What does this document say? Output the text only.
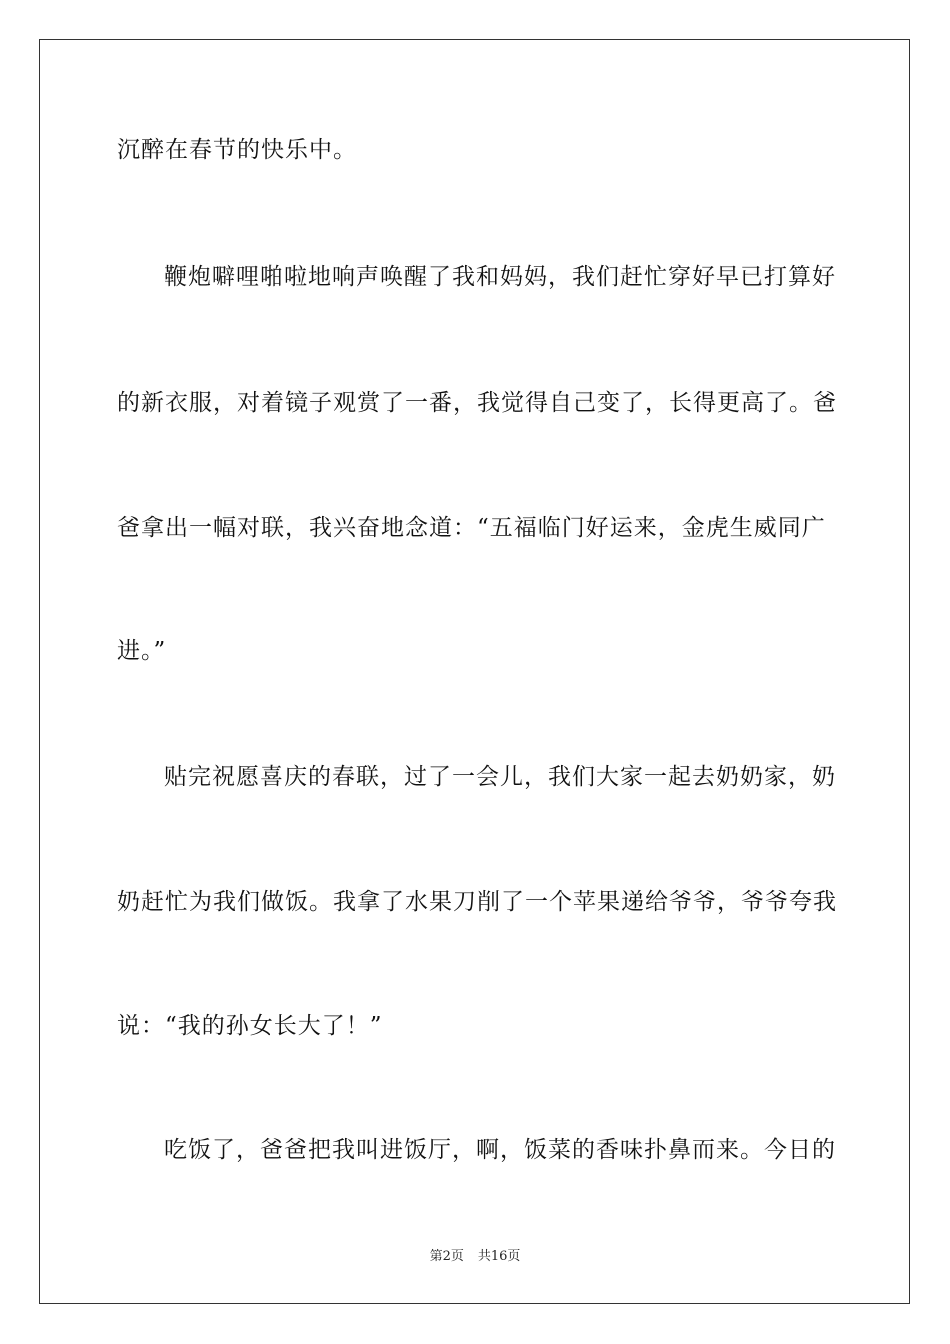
沉醉在春节的快乐中。
鞭炮噼哩啪啦地响声唤醒了我和妈妈，我们赶忙穿好早已打算好
的新衣服，对着镜子观赏了一番，我觉得自己变了，长得更高了。爸
爸拿出一幅对联，我兴奋地念道：“五福临门好运来，金虎生威同广
进。”
贴完祝愿喜庆的春联，过了一会儿，我们大家一起去奶奶家，奶
奶赶忙为我们做饭。我拿了水果刀削了一个苹果递给爷爷，爷爷夸我
说：“我的孙女长大了！”
吃饭了，爸爸把我叫进饭厅，啊，饭菜的香味扑鼻而来。今日的
第2页 共16页
